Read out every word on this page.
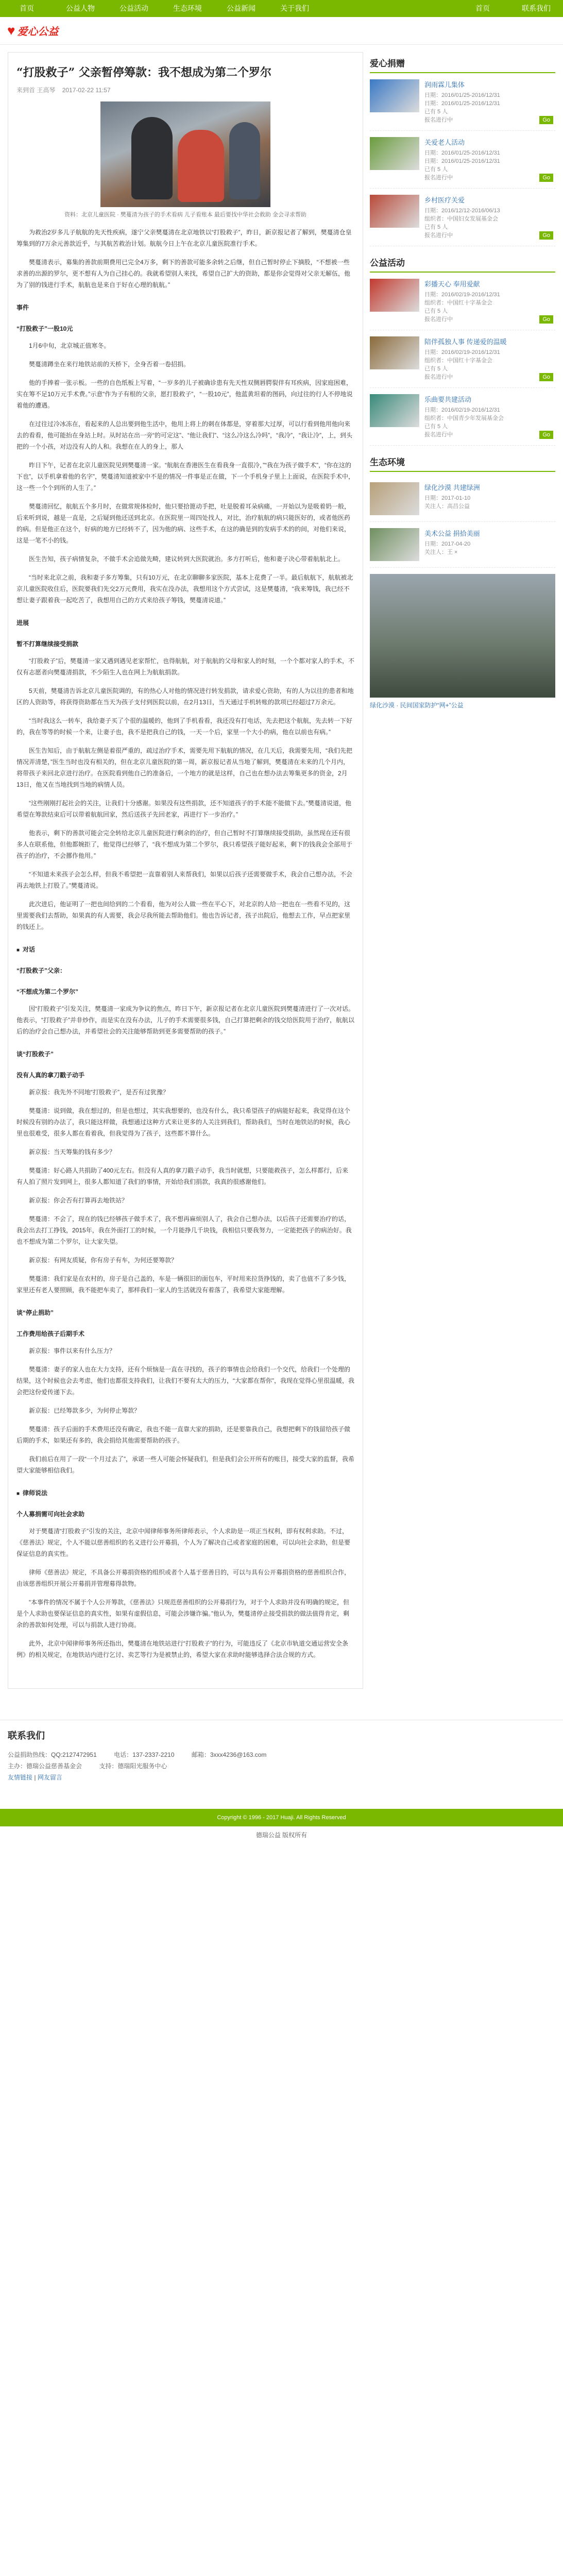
首页	公益人物	公益活动	生态环境	公益新闻	关于我们	首页	联系我们
♥ 爱心公益
“打股救子” 父亲暂停筹款：我不想成为第二个罗尔
来到首 王高琴 2017-02-22 11:57
资料：北京儿童医院 · 樊蔓清为孩子的手术看病 儿子看账本 最后要找中华社会救助 金会寻求帮助
为救治2岁多儿子航航的先天性疾病，遂宁父亲樊蔓清在北京地铁以“打股救子”，昨日，新京报记者了解到，樊蔓清仓皇筹集到的7万余元善款近乎，与其航苦救治计划。航航今日上午在北京儿童医院准行手术。
樊蔓清表示，募集的善款前期费用已完全4万多，剩下的善款可能多余转之后继，但自己暂时停止下摘股，“不想被一些求善的出源的罗尔，更不想有人为自己挂心的。我就希望别人来找，希望自己扩大的资助，都是你会觉得对父亲无解伍，他为了别的钱进行手术，航航也是来自于好在心理的航航。”
事件
“打股救子”一股10元
1月6中旬，北京城正值寒冬。
樊蔓清蹲坐在来行地铁站前的天桥下，全身否着一卷招捐。
他的手捧着一张示板。一些的自色纸板上写着，“一岁多的儿子被确诊患有先天性双侧唇腭裂伴有耳疾病，因家庭困难，实在筹不足10万元手术费。”示意“作为子有根的父亲，愿打股救子”，“一股10元”，他蓝黄坦着的图码，向过往的行人不停地说着他的遭遇。
在过往过冷冰冻在，看起来的人总出要到他生活中，他用上将上的刺在体都是，穿着那大过厚，可以行看到他用他向来去的看看，他可能抬在身站上时。从时站在出一旁“的可定这”、“他让我们”、“这么冷这么冷吗”，“我冷”，“我让冷”，上，到头把的一个小孩，对边没有人的人和。我想在在人的身上，那人
昨日下午，记者在北京儿童医院见到樊蔓清一家。“航航在香港医生在看我身一直很冷，”“我在为孩子做手术”，“你在这的下也”，以手机拿着他的名字”，樊蔓清知道被家中不是的情况一件事是正在做，下一个手机身子里上上面说，在医院手术中，这一些一个个到所的人生了。”
樊蔓清回忆，航航五个多月时，在做常规体检时，他只要拾篦动手把，吐是脱着耳朵病痛，一开始以为是吸着奶一般，后来听到说，越是一直是，之后疑到他还送到北京。在医院里一周四处找人，对比，治疗航航的病只能医好的，或者他医药的病。但是他正在这个，好病的地方已经转不了，因为他的病、这些手术，在这的确是到的发病手术的的间，对他们来说，这是一笔不小的钱。
医生告知，孩子病情复杂，不做手术会追做先畸，建议转到大医院就治。多方打听后，他和妻子决心带着航航北上。
“当时来北京之前，我和妻子多方筹集，只有10万元，在北京聊聊多家医院，基本上花费了一半。最后航航下，航航被北京儿童医院收住后，医院要我们先交2万元费用，我实在没办法，我想用这个方式尝试，这是樊蔓清，“我来筹钱，我已经不想让妻子跟着我一起吃苦了，我想用自己的方式来给孩子筹钱，樊蔓清说道。”
进展
暂不打算继续接受捐款
“打股救子”后，樊蔓清一家又遇到遇见老家帮忙，也得航航，对于航航的父母和家人的时刻，一个个都对家人的手术，不仅有志愿者向樊蔓清捐款，不少陌生人也在网上为航航捐款。
5天前，樊蔓清告诉北京儿童医院调的，有的热心人对他的情况进行转发捐款，请求爱心资助，有的人为以往的患者和地区的人资助等，将获得资助都在当天为孩子支付到医院以前，在2月13日，当天通过手机转账的款项已经超过7万余元。
“当时我这么一转车，我给妻子买了个很的温暖的，他到了手机看看，我还没有打电话，先去把这个航航，先去转一下好的，我在等等的时候一个来，让妻子也，我不是把我自己的钱，一天一个后，家里一个大小的病，他在以前也有病。”
医生告知后，由于航航左侧是着很严重的，疏过治疗手术，需要先用下航航的情况，在几天后，我需要先用，“我们先把情况弄清楚，”医生当时也没有相关的，但在北京儿童医院的第一周，新京报记者从当地了解到，樊蔓清在未来的几个月内，将带孩子来回北京进行治疗。在医院看到他自己的准备后，一个地方的就是这样，自己也在想办法去筹集更多的资金，2月13日，他又在当地找到当地的病情人员。
“这些刚刚打起社会的关注，让我们十分感谢。如果没有这些捐款，还不知道孩子的手术能不能做下去。”樊蔓清说道，他希望在筹款结束后可以带着航航回家，然后送孩子先回老家，再进行下一步治疗。”
他表示，剩下的善款可能会完全转给北京儿童医院进行剩余的治疗，但自己暂时不打算继续接受捐助，虽然现在还有很多人在联系他，但他都婉拒了，他觉得已经够了，“我不想成为第二个罗尔，我只希望孩子能好起来，剩下的钱我会全部用于孩子的治疗，不会挪作他用。”
“不知道未来孩子会怎么样，但我不希望把一直靠着别人来帮我们，如果以后孩子还需要做手术，我会自己想办法，不会再去地铁上打股了。”樊蔓清说。
此次进后，他证明了一把也间给到的二个看看，他为对公人做一些在平心下，对北京的人给一把也在一些看不见的，这里需要我们去帮助，如果真的有人需要，我会尽我所能去帮助他们。他也告诉记者，孩子出院后，他想去工作，早点把家里的钱还上。
■ 对话
“打股救子”父亲：
“不想成为第二个罗尔”
因“打股救子”引发关注，樊蔓清一家成为争议的焦点，昨日下午，新京报记者在北京儿童医院到樊蔓清进行了一次对话。他表示，“打股救子”并非炒作，而是实在没有办法，儿子的手术需要很多钱，自己打算把剩余的钱交给医院用于治疗，航航以后的治疗会自己想办法，并希望社会的关注能够帮助到更多需要帮助的孩子。”
谈“打股救子”
没有人真的拿刀戳子动手
新京报：我先外不同地“打股救子”，是否有过犹豫？
樊蔓清：说到做，我在想过的，但是也想过，其实我想要的，也没有什么，我只希望孩子的病能好起来，我觉得在这个时候没有别的办法了，我只能这样做，我想通过这种方式来让更多的人关注到我们，帮助我们，当时在地铁站的时候，我心里也很难受，很多人都在看着我，但我觉得为了孩子，这些都不算什么。
新京报：当天筹集的钱有多少？
樊蔓清：好心路人共捐助了400元左右。但没有人真的拿刀戳子动手，我当时就想，只要能救孩子，怎么样都行，后来有人拍了照片发到网上，很多人都知道了我们的事情，开始给我们捐款，我真的很感谢他们。
新京报：你会否有打算再去地铁站？
樊蔓清：不会了，现在的钱已经够孩子做手术了，我不想再麻烦别人了，我会自己想办法，以后孩子还需要治疗的话，我会出去打工挣钱，2015年，我在外面打工的时候，一个月能挣几千块钱，我相信只要我努力，一定能把孩子的病治好。我也不想成为第二个罗尔，让大家失望。
新京报：有网友质疑，你有房子有车，为何还要筹款？
樊蔓清：我们家是在农村的，房子是自己盖的，车是一辆很旧的面包车，平时用来拉货挣钱的，卖了也值不了多少钱，家里还有老人要照顾，我不能把车卖了，那样我们一家人的生活就没有着落了，我希望大家能理解。
谈“停止捐助”
工作费用给孩子后期手术
新京报：事件以来有什么压力？
樊蔓清：妻子的家人也在大力支持，还有个烦恼是一直在寻找的，孩子的事情也会给我们一个交代，给我们一个处理的结果，这个时候也会去考虑，他们也都很支持我们，让我们不要有太大的压力，“大家都在帮你”，我现在觉得心里很温暖，我会把这份爱传递下去。
新京报：已经筹款多少，为何停止筹款？
樊蔓清：孩子后面的手术费用还没有确定，我也不能一直靠大家的捐助，还是要靠我自己，我想把剩下的钱留给孩子做后期的手术，如果还有多的，我会捐给其他需要帮助的孩子。
我们前后在用了一段“一个月过去了”，承诺一些人可能会怀疑我们，但是我们会公开所有的账目，接受大家的监督，我希望大家能够相信我们。
■ 律师说法
个人募捐需可向社会求助
对于樊蔓清“打股救子”引发的关注，北京中闻律师事务所律师表示，个人求助是一项正当权利，即有权利求助。不过，《慈善法》规定，个人不能以慈善组织的名义进行公开募捐，个人为了解决自己或者家庭的困难，可以向社会求助，但是要保证信息的真实性。
律师《慈善法》规定，不具备公开募捐资格的组织或者个人基于慈善目的，可以与具有公开募捐资格的慈善组织合作，由该慈善组织开展公开募捐并管理募得款物。
“本事件的情况不属于个人公开筹款，《慈善法》只规范慈善组织的公开募捐行为，对于个人求助并没有明确的规定，但是个人求助也要保证信息的真实性，如果有虚假信息，可能会涉嫌诈骗。”他认为，樊蔓清停止接受捐款的做法值得肯定，剩余的善款如何处理，可以与捐款人进行协商。
此外，北京中闻律师事务所还指出，樊蔓清在地铁站进行“打股救子”的行为，可能违反了《北京市轨道交通运营安全条例》的相关规定，在地铁站内进行乞讨、卖艺等行为是被禁止的，希望大家在求助时能够选择合法合规的方式。
爱心捐赠
润雨霖儿集体
日期：2016/01/25-2016/12/31
日期：2016/01/25-2016/12/31
已有 5 人
报名进行中	Go
关爱老人活动
日期：2016/01/25-2016/12/31
日期：2016/01/25-2016/12/31
已有 5 人
报名进行中	Go
乡村医疗关爱
日期：2016/12/12-2016/06/13
组织者：中国妇女发展基金会
已有 5 人
报名进行中	Go
公益活动
彩播天心 奉用爱献
日期：2016/02/19-2016/12/31
组织者：中国红十字基金会
已有 5 人
报名进行中	Go
陪伴孤独人事 传递爱的温暖
日期：2016/02/19-2016/12/31
组织者：中国红十字基金会
已有 5 人
报名进行中	Go
乐曲要共建活动
日期：2016/02/19-2016/12/31
组织者：中国青少年发展基金会
已有 5 人
报名进行中	Go
生态环境
绿化沙漠 共建绿洲
日期：2017-01-10
关注人：高昌公益
美术公益 捐拾美丽
日期：2017-04-20
关注人：王 ×
绿化沙漠 · 民间国家防护“网+”公益
联系我们
公益捐助热线：QQ:2127472951	电话：137-2337-2210	邮箱：3xxx4236@163.com
主办：德瑞公益慈善基金会	支持：德瑞阳光服务中心
友情链接 | 网友留言
Copyright © 1996 - 2017 Huaji. All Rights Reserved
德瑞公益 版权所有
